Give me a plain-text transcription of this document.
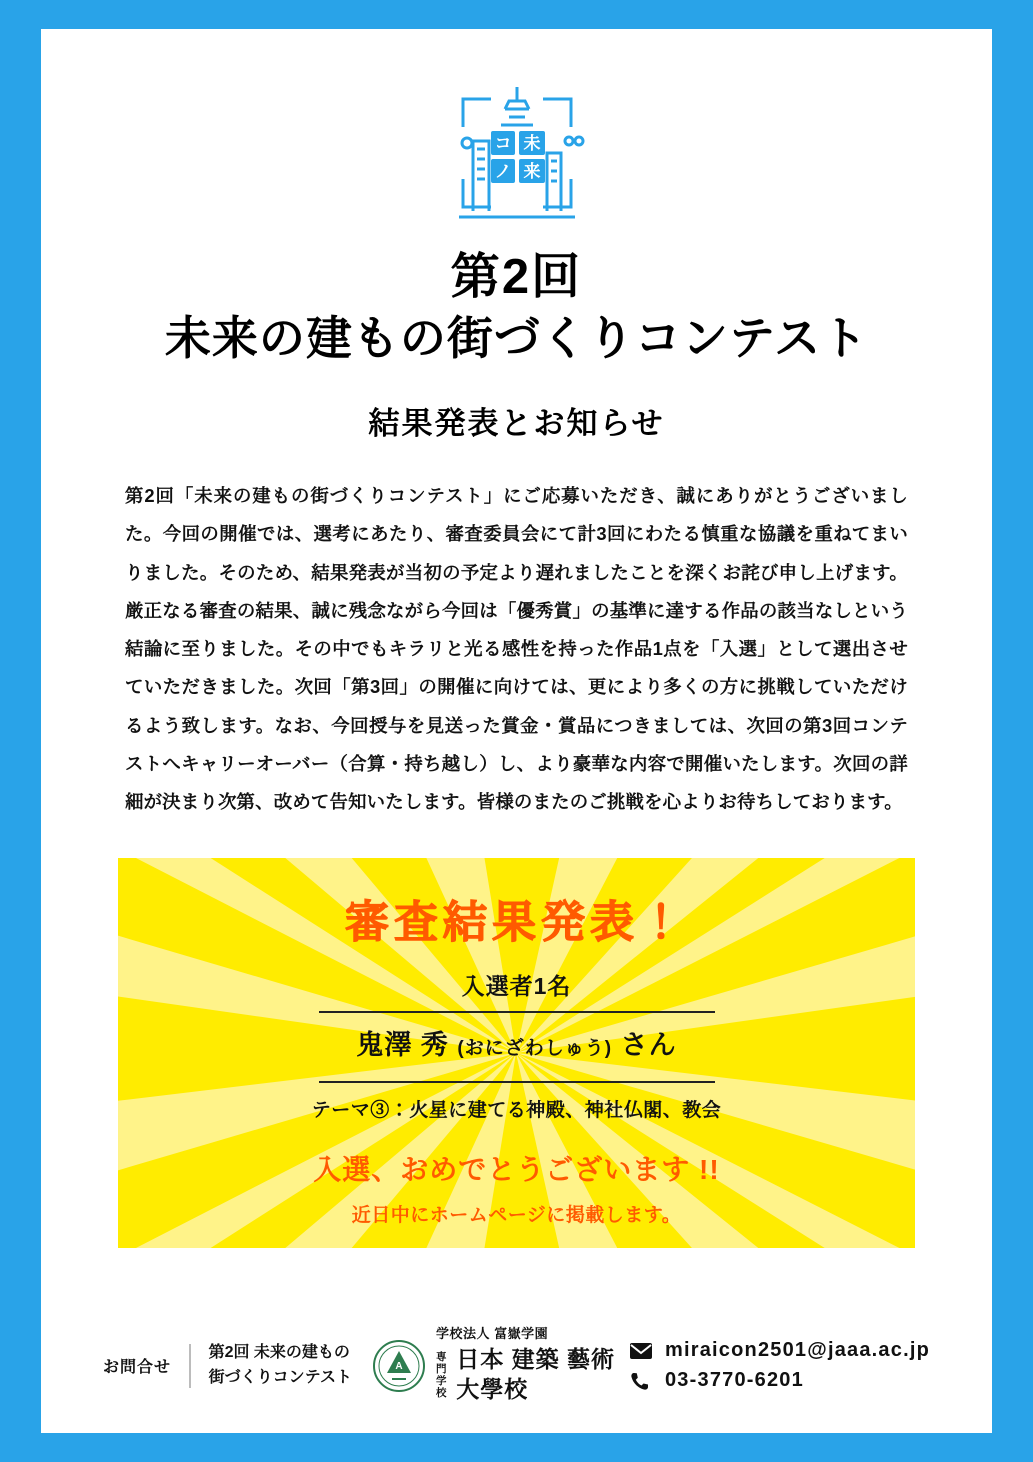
コ 未
ノ 来
第2回
未来の建もの街づくりコンテスト
結果発表とお知らせ
第2回「未来の建もの街づくりコンテスト」にご応募いただき、誠にありがとうございました。今回の開催では、選考にあたり、審査委員会にて計3回にわたる慎重な協議を重ねてまいりました。そのため、結果発表が当初の予定より遅れましたことを深くお詫び申し上げます。厳正なる審査の結果、誠に残念ながら今回は「優秀賞」の基準に達する作品の該当なしという結論に至りました。その中でもキラリと光る感性を持った作品1点を「入選」として選出させていただきました。次回「第3回」の開催に向けては、更により多くの方に挑戦していただけるよう致します。なお、今回授与を見送った賞金・賞品につきましては、次回の第3回コンテストへキャリーオーバー（合算・持ち越し）し、より豪華な内容で開催いたします。次回の詳細が決まり次第、改めて告知いたします。皆様のまたのご挑戦を心よりお待ちしております。
審査結果発表！
入選者1名
鬼澤 秀 (おにざわしゅう) さん
テーマ③：火星に建てる神殿、神社仏閣、教会
入選、おめでとうございます !!
近日中にホームページに掲載します。
お問合せ
第2回 未来の建もの
街づくりコンテスト
A
学校法人 富嶽学園
専門
学校
日本 建築 藝術 大學校
miraicon2501@jaaa.ac.jp
03-3770-6201
